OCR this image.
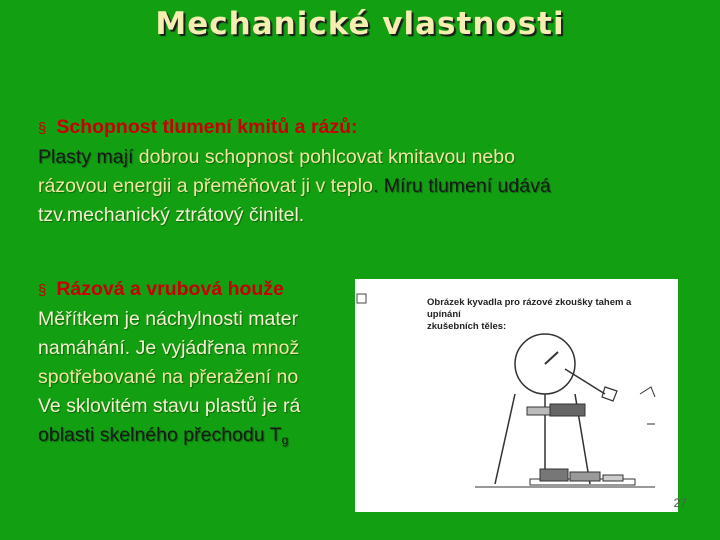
Mechanické vlastnosti
§ Schopnost tlumení kmitů a rázů:
Plasty mají dobrou schopnost pohlcovat kmitavou nebo
rázovou energii a přeměňovat ji v teplo. Míru tlumení udává
tzv.mechanický ztrátový činitel.
§ Rázová a vrubová houže
Měřítkem je náchylnosti mater
namáhání. Je vyjádřena množ
spotřebované na přeražení no
Ve sklovitém stavu plastů je rá
oblasti skelného přechodu $T_g$
Obrázek kyvadla pro rázové zkoušky tahem a upínání
zkušebních těles:
27
